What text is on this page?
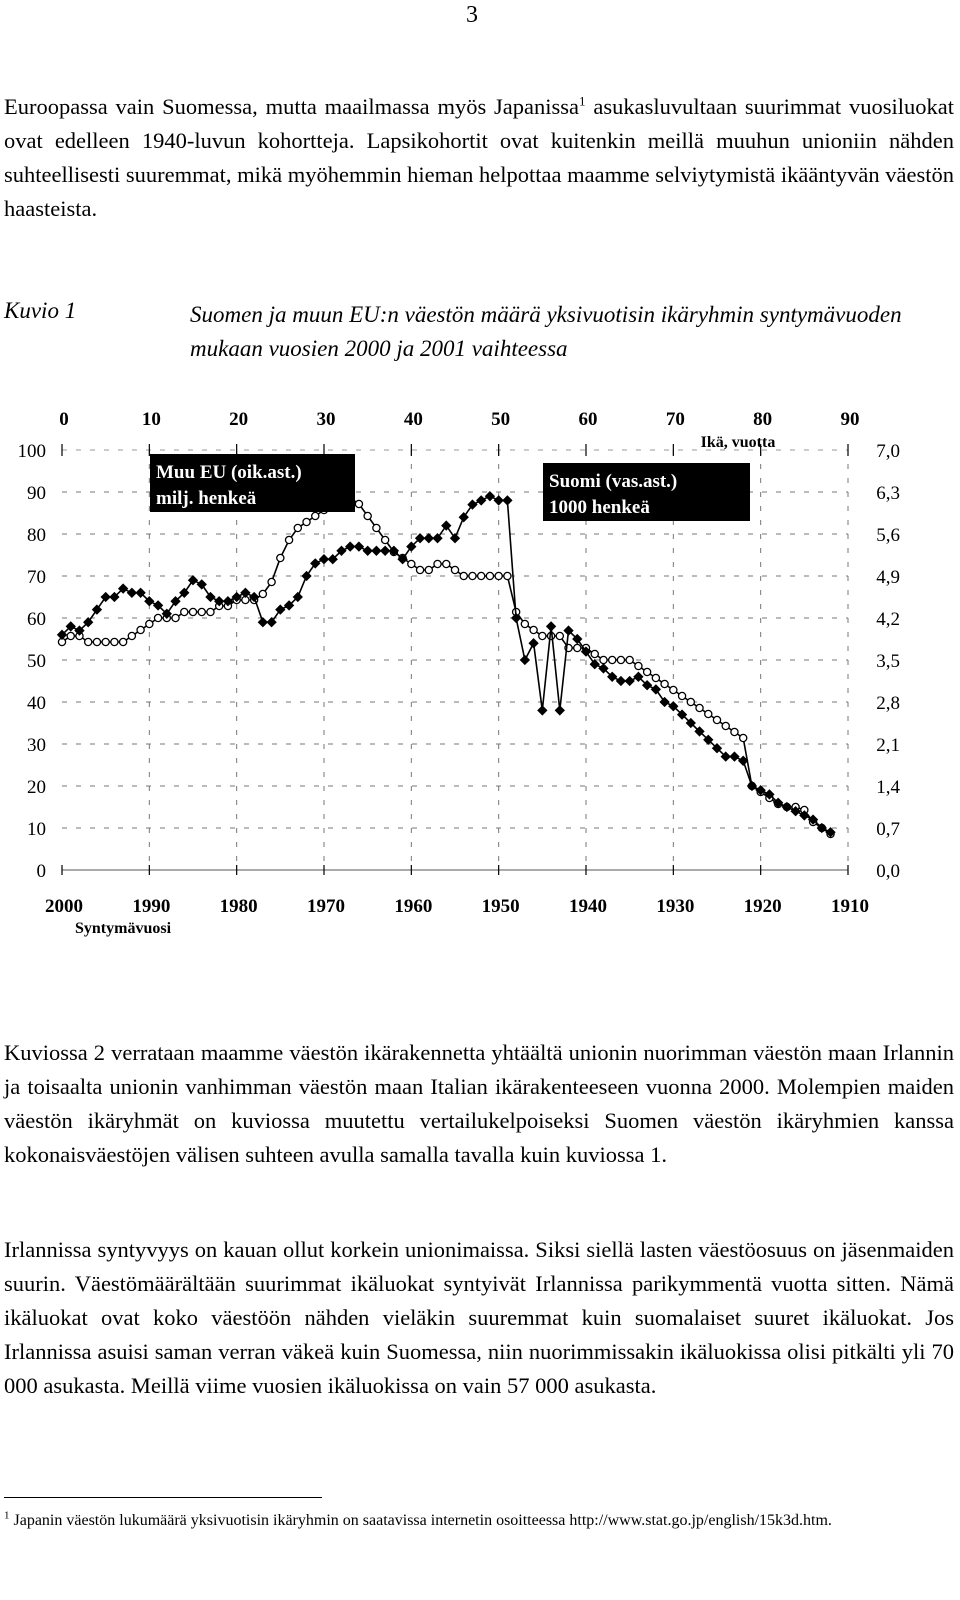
3

Euroopassa vain Suomessa, mutta maailmassa myös Japanissa$^1$ asukasluvultaan suurimmat vuosiluokat ovat edelleen 1940-luvun kohortteja. Lapsikohortit ovat kuitenkin meillä muuhun unioniin nähden suhteellisesti suuremmat, mikä myöhemmin hieman helpottaa maamme selviytymistä ikääntyvän väestön haasteista.

Kuvio 1	Suomen ja muun EU:n väestön määrä yksivuotisin ikäryhmin syntymävuoden mukaan vuosien 2000 ja 2001 vaihteessa
0
10
20
30
40
50
60
70
80
90
100
0,0
0,7
1,4
2,1
2,8
3,5
4,2
4,9
5,6
6,3
7,0
0	10	20	30	40	50	60	70	80	90
Ikä, vuotta
2000	1990	1980	1970	1960	1950	1940	1930	1920	1910
Syntymävuosi
Muu EU (oik.ast.)
milj. henkeä
Suomi (vas.ast.)
1000 henkeä

Kuviossa 2 verrataan maamme väestön ikärakennetta yhtäältä unionin nuorimman väestön maan Irlannin ja toisaalta unionin vanhimman väestön maan Italian ikärakenteeseen vuonna 2000. Molempien maiden väestön ikäryhmät on kuviossa muutettu vertailukelpoiseksi Suomen väestön ikäryhmien kanssa kokonaisväestöjen välisen suhteen avulla samalla tavalla kuin kuviossa 1.

Irlannissa syntyvyys on kauan ollut korkein unionimaissa. Siksi siellä lasten väestöosuus on jäsenmaiden suurin. Väestömäärältään suurimmat ikäluokat syntyivät Irlannissa parikymmentä vuotta sitten. Nämä ikäluokat ovat koko väestöön nähden vieläkin suuremmat kuin suomalaiset suuret ikäluokat. Jos Irlannissa asuisi saman verran väkeä kuin Suomessa, niin nuorimmissakin ikäluokissa olisi pitkälti yli 70 000 asukasta. Meillä viime vuosien ikäluokissa on vain 57 000 asukasta.

$^1$ Japanin väestön lukumäärä yksivuotisin ikäryhmin on saatavissa internetin osoitteessa http://www.stat.go.jp/english/15k3d.htm.
